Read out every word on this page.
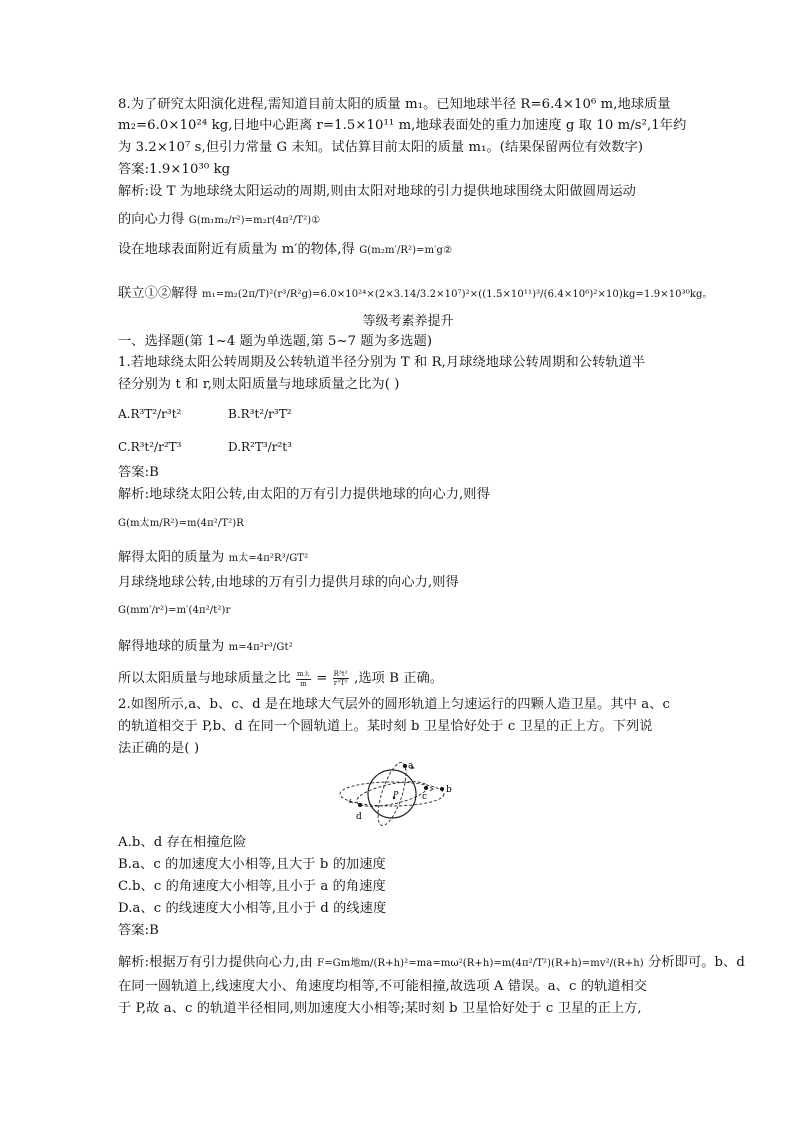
8.为了研究太阳演化进程,需知道目前太阳的质量 m₁。已知地球半径 R=6.4×10⁶ m,地球质量
m₂=6.0×10²⁴ kg,日地中心距离 r=1.5×10¹¹ m,地球表面处的重力加速度 g 取 10 m/s²,1年约
为 3.2×10⁷ s,但引力常量 G 未知。试估算目前太阳的质量 m₁。(结果保留两位有效数字)
答案:1.9×10³⁰ kg
解析:设 T 为地球绕太阳运动的周期,则由太阳对地球的引力提供地球围绕太阳做圆周运动
的向心力得 G(m₁m₂/r²)=m₂r(4π²/T²)①
设在地球表面附近有质量为 m′的物体,得 G(m₂m′/R²)=m′g②
联立①②解得 m₁=m₂(2π/T)²(r³/R²g)=6.0×10²⁴×(2×3.14/3.2×10⁷)²×((1.5×10¹¹)³/(6.4×10⁶)²×10)kg=1.9×10³⁰kg。
等级考素养提升
一、选择题(第 1~4 题为单选题,第 5~7 题为多选题)
1.若地球绕太阳公转周期及公转轨道半径分别为 T 和 R,月球绕地球公转周期和公转轨道半
径分别为 t 和 r,则太阳质量与地球质量之比为( )
A.R³T²/r³t²	B.R³t²/r³T²
C.R³t²/r²T³	D.R²T³/r²t³
答案:B
解析:地球绕太阳公转,由太阳的万有引力提供地球的向心力,则得
G(m太m/R²)=m(4π²/T²)R
解得太阳的质量为 m太=4π²R³/GT²
月球绕地球公转,由地球的万有引力提供月球的向心力,则得
G(mm′/r²)=m′(4π²/t²)r
解得地球的质量为 m=4π²r³/Gt²
所以太阳质量与地球质量之比 m太
$m = \frac{\text{R³t²}}{\text{r³T²}}$ ,选项 B 正确。
2.如图所示,a、b、c、d 是在地球大气层外的圆形轨道上匀速运行的四颗人造卫星。其中 a、c
的轨道相交于 P,b、d 在同一个圆轨道上。某时刻 b 卫星恰好处于 c 卫星的正上方。下列说
法正确的是( )
a
b
c
d
P
A.b、d 存在相撞危险
B.a、c 的加速度大小相等,且大于 b 的加速度
C.b、c 的角速度大小相等,且小于 a 的角速度
D.a、c 的线速度大小相等,且小于 d 的线速度
答案:B
解析:根据万有引力提供向心力,由 F=Gm地m/(R+h)²=ma=mω²(R+h)=m(4π²/T²)(R+h)=mv²/(R+h) 分析即可。b、d
在同一圆轨道上,线速度大小、角速度均相等,不可能相撞,故选项 A 错误。a、c 的轨道相交
于 P,故 a、c 的轨道半径相同,则加速度大小相等;某时刻 b 卫星恰好处于 c 卫星的正上方,
